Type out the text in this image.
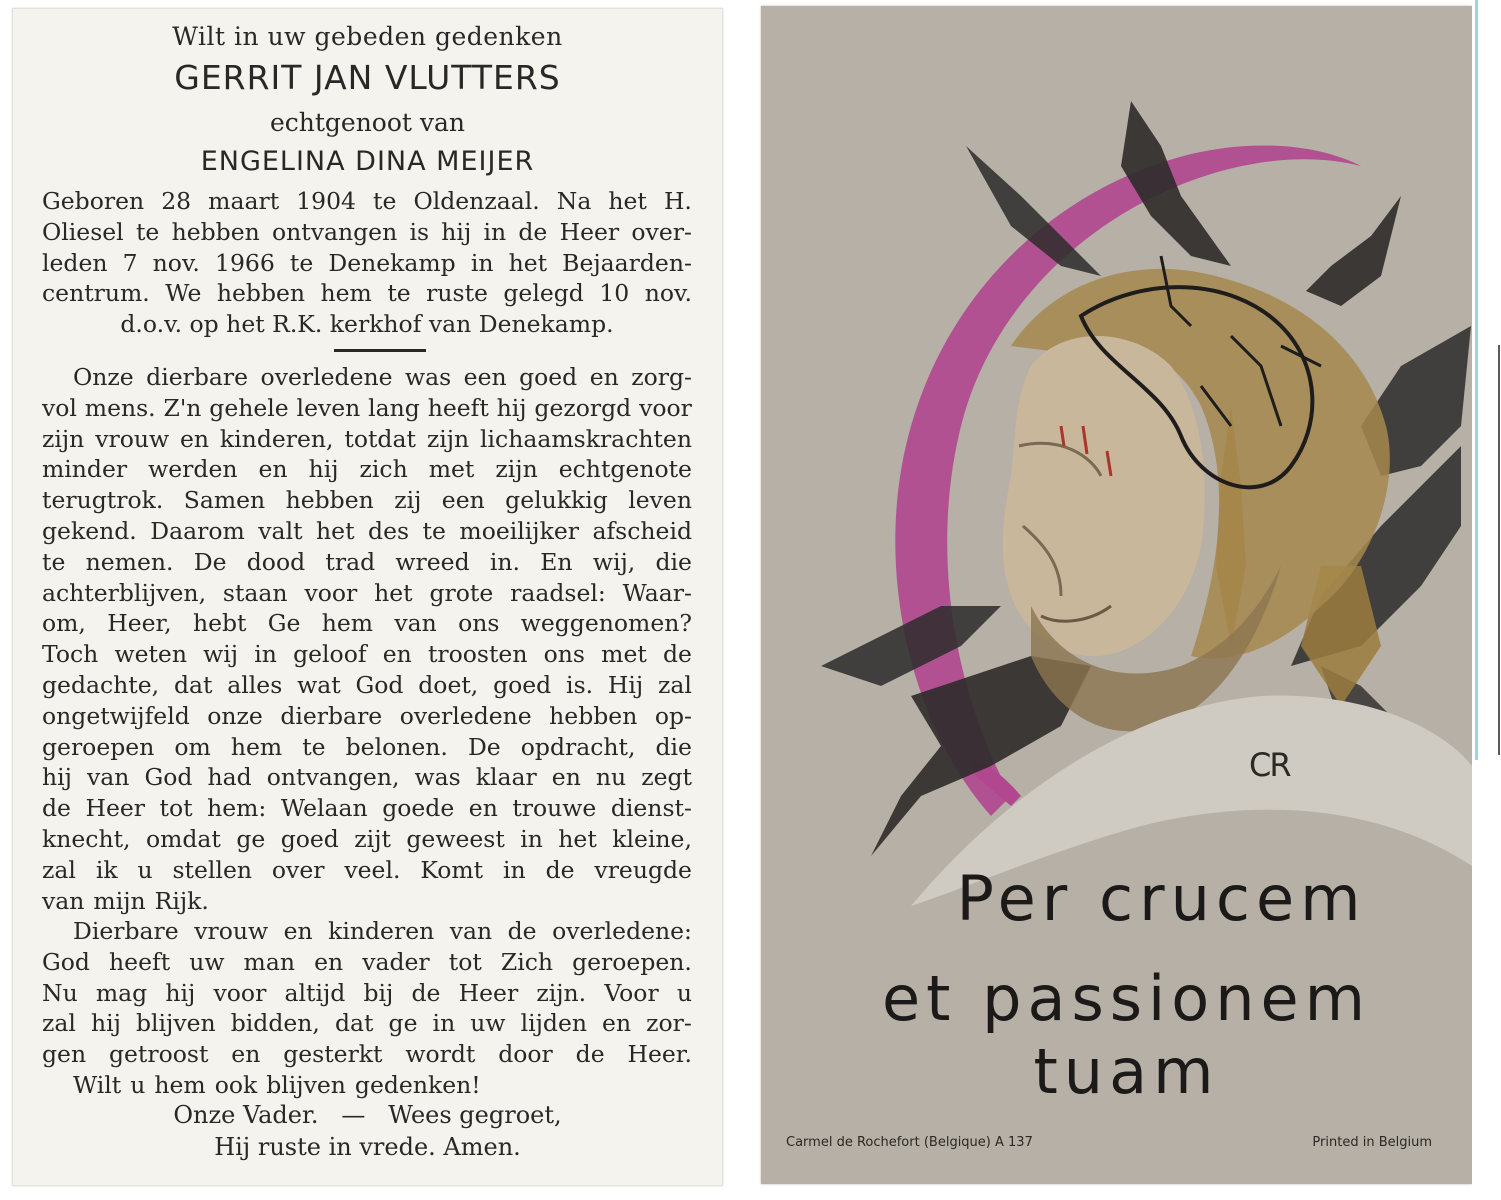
Wilt in uw gebeden gedenken
GERRIT JAN VLUTTERS
echtgenoot van
ENGELINA DINA MEIJER
Geboren 28 maart 1904 te Oldenzaal. Na het H.
Oliesel te hebben ontvangen is hij in de Heer over-
leden 7 nov. 1966 te Denekamp in het Bejaarden-
centrum. We hebben hem te ruste gelegd 10 nov.
d.o.v. op het R.K. kerkhof van Denekamp.
Onze dierbare overledene was een goed en zorg-
vol mens. Z'n gehele leven lang heeft hij gezorgd voor
zijn vrouw en kinderen, totdat zijn lichaamskrachten
minder werden en hij zich met zijn echtgenote
terugtrok. Samen hebben zij een gelukkig leven
gekend. Daarom valt het des te moeilijker afscheid
te nemen. De dood trad wreed in. En wij, die
achterblijven, staan voor het grote raadsel: Waar-
om, Heer, hebt Ge hem van ons weggenomen?
Toch weten wij in geloof en troosten ons met de
gedachte, dat alles wat God doet, goed is. Hij zal
ongetwijfeld onze dierbare overledene hebben op-
geroepen om hem te belonen. De opdracht, die
hij van God had ontvangen, was klaar en nu zegt
de Heer tot hem: Welaan goede en trouwe dienst-
knecht, omdat ge goed zijt geweest in het kleine,
zal ik u stellen over veel. Komt in de vreugde
van mijn Rijk.
Dierbare vrouw en kinderen van de overledene:
God heeft uw man en vader tot Zich geroepen.
Nu mag hij voor altijd bij de Heer zijn. Voor u
zal hij blijven bidden, dat ge in uw lijden en zor-
gen getroost en gesterkt wordt door de Heer.
Wilt u hem ook blijven gedenken!
Onze Vader.   —   Wees gegroet,
Hij ruste in vrede. Amen.
CR
Per crucem
et passionem tuam
Carmel de Rochefort (Belgique) A 137	Printed in Belgium
